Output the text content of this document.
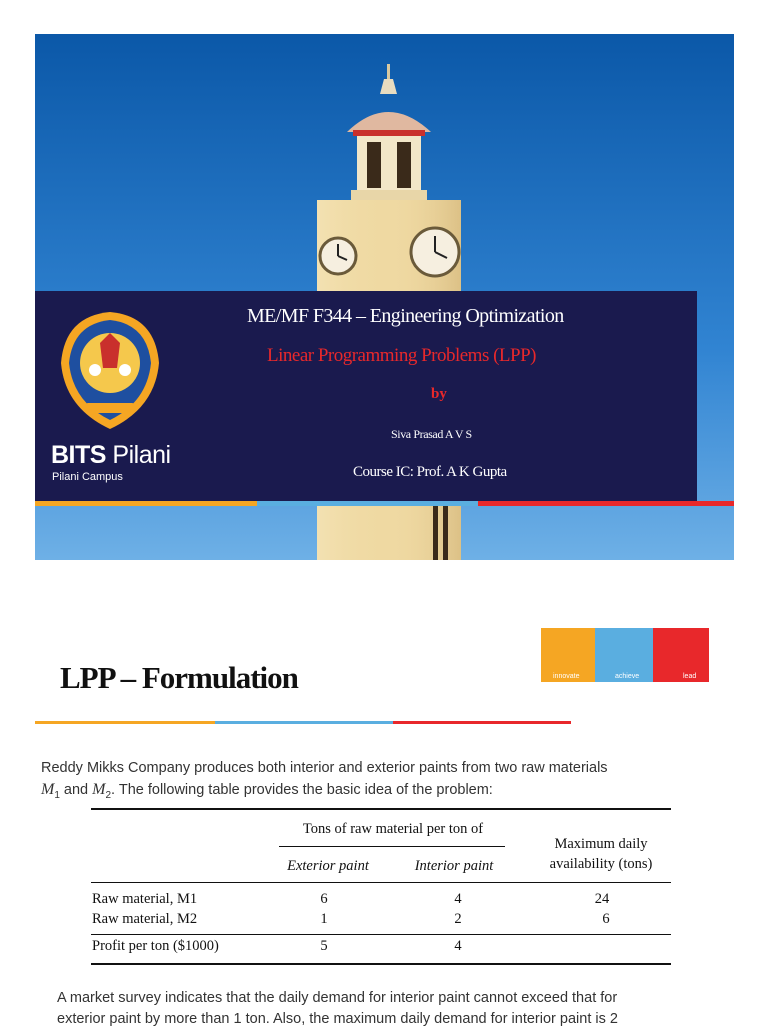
BITS Pilani
Pilani Campus
ME/MF F344 – Engineering Optimization
Linear Programming Problems (LPP)
by
Siva Prasad A V S
Course IC: Prof. A K Gupta
innovate	achieve	lead
LPP – Formulation
Reddy Mikks Company produces both interior and exterior paints from two raw materials
$M_1$ and $M_2$. The following table provides the basic idea of the problem:
Tons of raw material per ton of
Maximum daily
availability (tons)
Exterior paint	Interior paint
Raw material, M1	6	4	24
Raw material, M2	1	2	6
Profit per ton ($1000)	5	4
A market survey indicates that the daily demand for interior paint cannot exceed that for
exterior paint by more than 1 ton. Also, the maximum daily demand for interior paint is 2
